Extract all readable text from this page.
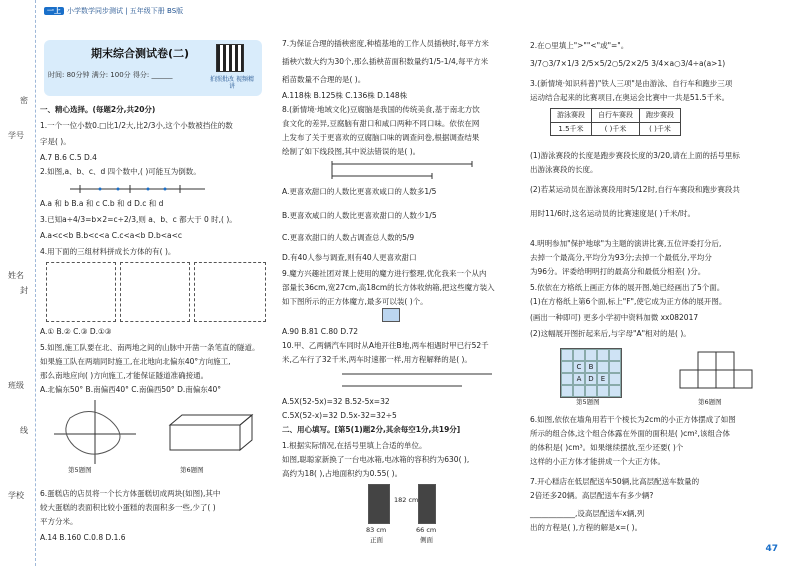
学号
姓名
班级
学校
密
封
线
一上 小学数学同步测试 | 五年级下册 BS版
期末综合测试卷(二)
时间: 80分钟 满分: 100分 得分: ______
拍照批改 视频精讲
一、精心选择。(每题2分,共20分)
1.一个一位小数0.□比1/2大,比2/3小,这个小数被挡住的数
字是( )。
A.7 B.6 C.5 D.4
2.如图,a、b、c、d 四个数中,( )可能互为倒数。
A.a 和 b B.a 和 c C.b 和 d D.c 和 d
3.已知a÷4/3=b×2=c÷2/3,则 a、b、c 都大于 0 时,( )。
A.a<c<b B.b<c<a C.c<a<b D.b<a<c
4.用下面的三组材料拼成长方体的有( )。
A.① B.② C.③ D.①③
5.如图,施工队要在北、南两地之间的山脉中开凿一条笔直的隧道。
如果施工队在两端同时施工,在北地向北偏东40°方向施工,
那么南地应向( )方向施工,才能保证隧道准确接通。
A.北偏东50° B.南偏西40° C.南偏西50° D.南偏东40°
第5题图	第6题图
6.蛋糕店的店员将一个长方体蛋糕切成两块(如图),其中
较大蛋糕的表面积比较小蛋糕的表面积多一些,少了( )
平方分米。
A.14 B.160 C.0.8 D.1.6
7.为保证合理的插秧密度,种植基地的工作人员插秧时,每平方米
插秧穴数大约为30个,那么插秧苗面积数量约1/5-1/4,每平方米
稻苗数量不合理的是( )。
A.118株 B.125株 C.136株 D.148株
8.(新情境·地域文化)豆腐脑是我国的传统美食,基于南北方饮
食文化的差异,豆腐脑有甜口和咸口两种不同口味。依依在网
上发布了关于更喜欢的豆腐脑口味的调查问卷,根据调查结果
绘制了如下线段图,其中说法错误的是( )。
A.更喜欢甜口的人数比更喜欢咸口的人数多1/5
B.更喜欢咸口的人数比更喜欢甜口的人数少1/5
C.更喜欢甜口的人数占调查总人数的5/9
D.有40人参与调查,则有40人更喜欢甜口
9.魔方兴趣社团对课上使用的魔方进行整理,优化我来一个从内
部量长36cm,宽27cm,高18cm的长方体收纳箱,把这些魔方装入
如下图所示的正方体魔方,最多可以装( )个。
A.90 B.81 C.80 D.72
10.甲、乙两辆汽车同时从A地开往B地,两车相遇时甲已行52千
米,乙车行了32千米,两车时速都一样,用方程解释的是( )。
A.5X(52-5x)=32 B.52-5x=32
C.5X(52-x)=32 D.5x-32=32÷5
二、用心填写。[第5(1)题2分,其余每空1分,共19分]
1.根据实际情况,在括号里填上合适的单位。
如图,聪聪家新换了一台电冰箱,电冰箱的容积约为630( ),
高约为18( ),占地面积约为0.55( )。
182 cm
83 cm
正面
66 cm
侧面
2.在○里填上">""<"或"="。
3/7○3/7×1/3 2/5×5/2○5/2×2/5 3/4×a○3/4÷a(a>1)
3.(新情境·知识科普)"铁人三项"是由游泳、自行车和跑步三项
运动结合起来的比赛项目,在奥运会比赛中一共是51.5千米。
游泳赛段	自行车赛段	跑步赛段
1.5千米	( )千米	( )千米
(1)游泳赛段的长度是跑步赛段长度的3/20,请在上面的括号里标
出游泳赛段的长度。
(2)若某运动员在游泳赛段用时5/12时,自行车赛段和跑步赛段共
用时11/6时,这名运动员的比赛速度是( )千米/时。
4.明明参加"保护地球"为主题的演讲比赛,五位评委打分后,
去掉一个最高分,平均分为93分;去掉一个最低分,平均分
为96分。评委给明明打的最高分和最低分相差( )分。
5.依依在方格纸上画正方体的展开图,她已经画出了5个面。
(1)在方格纸上第6个面,标上"F",使它成为正方体的展开图。
(画出一种即可) 更多小学初中资料加微 xx082017
(2)这幅展开图折起来后,与字母"A"相对的是( )。
C	B
A D	E
第5题图	第6题图
6.如图,依依在墙角用若干个棱长为2cm的小正方体摆成了如图
所示的组合体,这个组合体露在外面的面积是( )cm²,该组合体
的体积是( )cm³。如果继续摆放,至少还要( )个
这样的小正方体才能拼成一个大正方体。
7.开心糕店在低层配送车50辆,比高层配送车数量的
2倍还多20辆。高层配送车有多少辆?
____________,设高层配送车x辆,列
出的方程是( ),方程的解是x=( )。
47
